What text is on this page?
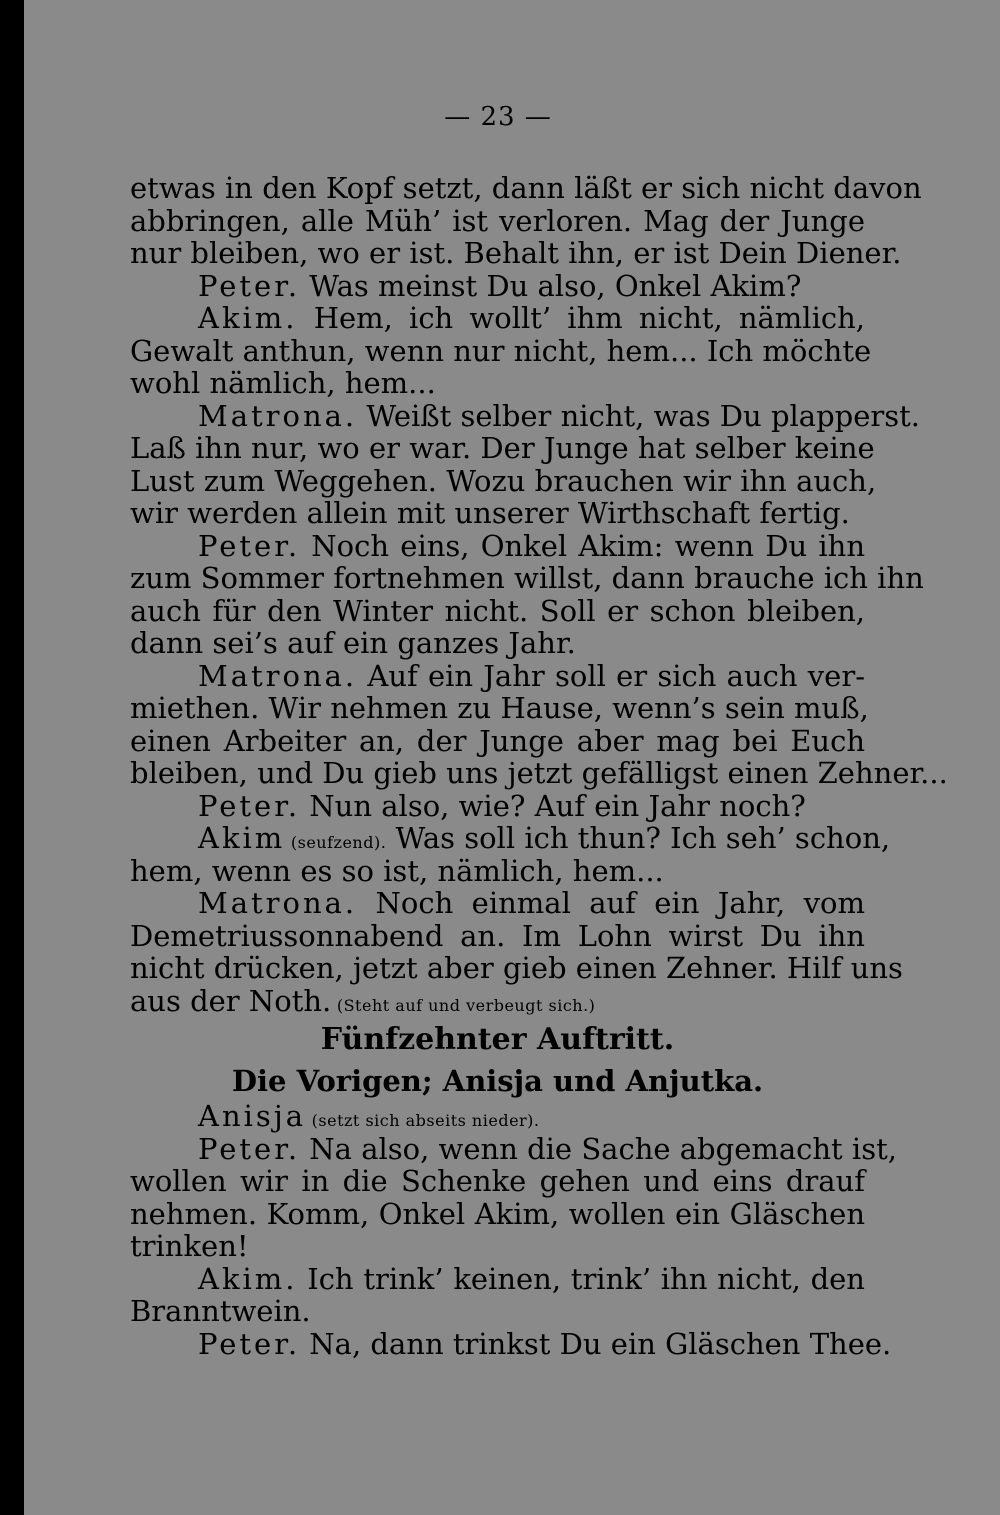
— 23 —
etwas in den Kopf setzt, dann läßt er sich nicht davon
abbringen, alle Müh’ ist verloren. Mag der Junge
nur bleiben, wo er ist. Behalt ihn, er ist Dein Diener.
Peter. Was meinst Du also, Onkel Akim?
Akim. Hem, ich wollt’ ihm nicht, nämlich,
Gewalt anthun, wenn nur nicht, hem... Ich möchte
wohl nämlich, hem...
Matrona. Weißt selber nicht, was Du plapperst.
Laß ihn nur, wo er war. Der Junge hat selber keine
Lust zum Weggehen. Wozu brauchen wir ihn auch,
wir werden allein mit unserer Wirthschaft fertig.
Peter. Noch eins, Onkel Akim: wenn Du ihn
zum Sommer fortnehmen willst, dann brauche ich ihn
auch für den Winter nicht. Soll er schon bleiben,
dann sei’s auf ein ganzes Jahr.
Matrona. Auf ein Jahr soll er sich auch ver-
miethen. Wir nehmen zu Hause, wenn’s sein muß,
einen Arbeiter an, der Junge aber mag bei Euch
bleiben, und Du gieb uns jetzt gefälligst einen Zehner...
Peter. Nun also, wie? Auf ein Jahr noch?
Akim (seufzend). Was soll ich thun? Ich seh’ schon,
hem, wenn es so ist, nämlich, hem...
Matrona. Noch einmal auf ein Jahr, vom
Demetriussonnabend an. Im Lohn wirst Du ihn
nicht drücken, jetzt aber gieb einen Zehner. Hilf uns
aus der Noth. (Steht auf und verbeugt sich.)
Fünfzehnter Auftritt.
Die Vorigen; Anisja und Anjutka.
Anisja (setzt sich abseits nieder).
Peter. Na also, wenn die Sache abgemacht ist,
wollen wir in die Schenke gehen und eins drauf
nehmen. Komm, Onkel Akim, wollen ein Gläschen
trinken!
Akim. Ich trink’ keinen, trink’ ihn nicht, den
Branntwein.
Peter. Na, dann trinkst Du ein Gläschen Thee.
